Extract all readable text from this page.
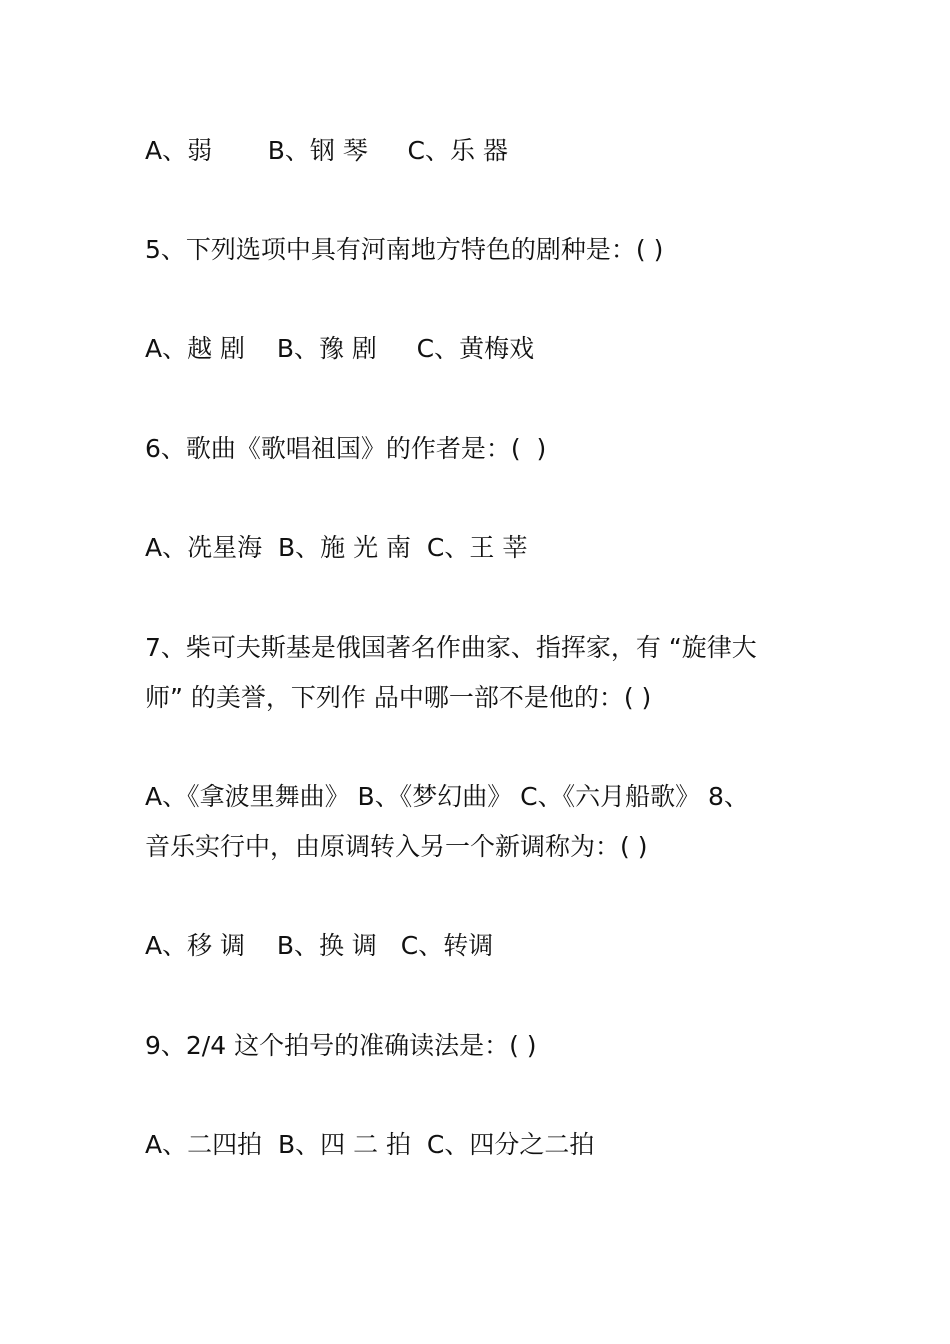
A、弱       B、钢 琴     C、乐 器
5、下列选项中具有河南地方特色的剧种是：( )
A、越 剧    B、豫 剧     C、黄梅戏
6、歌曲《歌唱祖国》的作者是：(  )
A、冼星海  B、施 光 南  C、王 莘
7、柴可夫斯基是俄国著名作曲家、指挥家，有 “旋律大
师” 的美誉，下列作 品中哪一部不是他的：( )
A、《拿波里舞曲》 B、《梦幻曲》 C、《六月船歌》 8、
音乐实行中，由原调转入另一个新调称为：( )
A、移 调    B、换 调   C、转调
9、2/4 这个拍号的准确读法是：( )
A、二四拍  B、四 二 拍  C、四分之二拍
